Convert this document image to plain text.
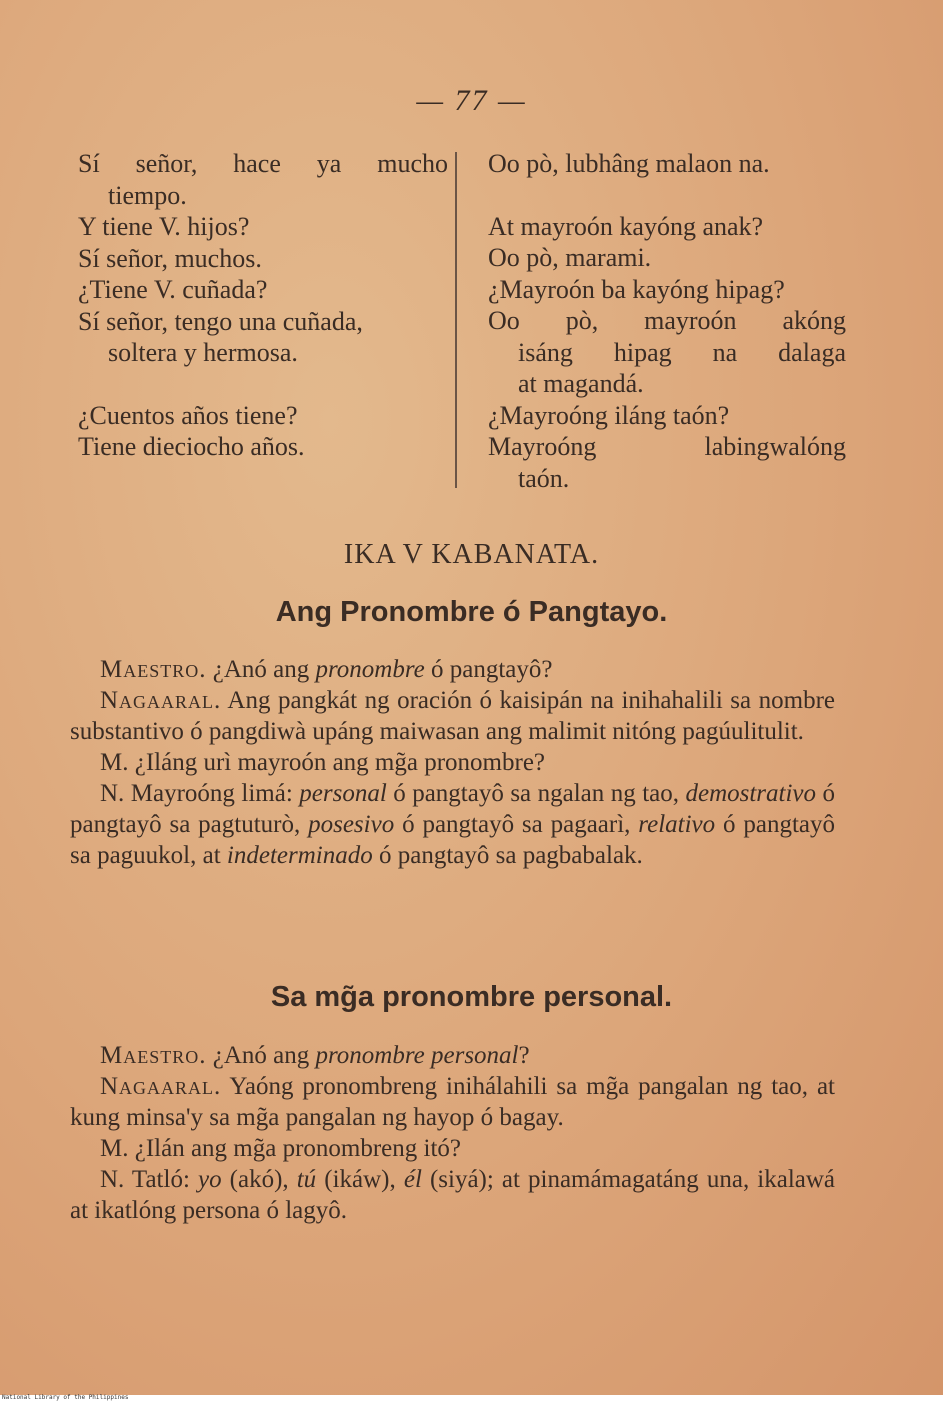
— 77 —
Sí señor, hace ya mucho
tiempo.
Y tiene V. hijos?
Sí señor, muchos.
¿Tiene V. cuñada?
Sí señor, tengo una cuñada,
soltera y hermosa.
¿Cuentos años tiene?
Tiene dieciocho años.
Oo pò, lubhâng malaon na.
At mayroón kayóng anak?
Oo pò, marami.
¿Mayroón ba kayóng hipag?
Oo pò, mayroón akóng
isáng hipag na dalaga
at magandá.
¿Mayroóng iláng taón?
Mayroóng labingwalóng
taón.
IKA V KABANATA.
Ang Pronombre ó Pangtayo.

Maestro. ¿Anó ang pronombre ó pangtayô?

Nagaaral. Ang pangkát ng oración ó kaisipán na inihahalili sa nombre substantivo ó pangdiwà upáng maiwasan ang malimit nitóng pagúulitulit.

M. ¿Iláng urì mayroón ang mg̃a pronombre?

N. Mayroóng limá: personal ó pangtayô sa ngalan ng tao, demostrativo ó pangtayô sa pagtuturò, posesivo ó pangtayô sa pagaarì, relativo ó pangtayô sa paguukol, at indeterminado ó pangtayô sa pagbabalak.

Sa mg̃a pronombre personal.

Maestro. ¿Anó ang pronombre personal?

Nagaaral. Yaóng pronombreng inihálahili sa mg̃a pangalan ng tao, at kung minsa'y sa mg̃a pangalan ng hayop ó bagay.

M. ¿Ilán ang mg̃a pronombreng itó?

N. Tatló: yo (akó), tú (ikáw), él (siyá); at pinamámagatáng una, ikalawá at ikatlóng persona ó lagyô.

National Library of the Philippines
